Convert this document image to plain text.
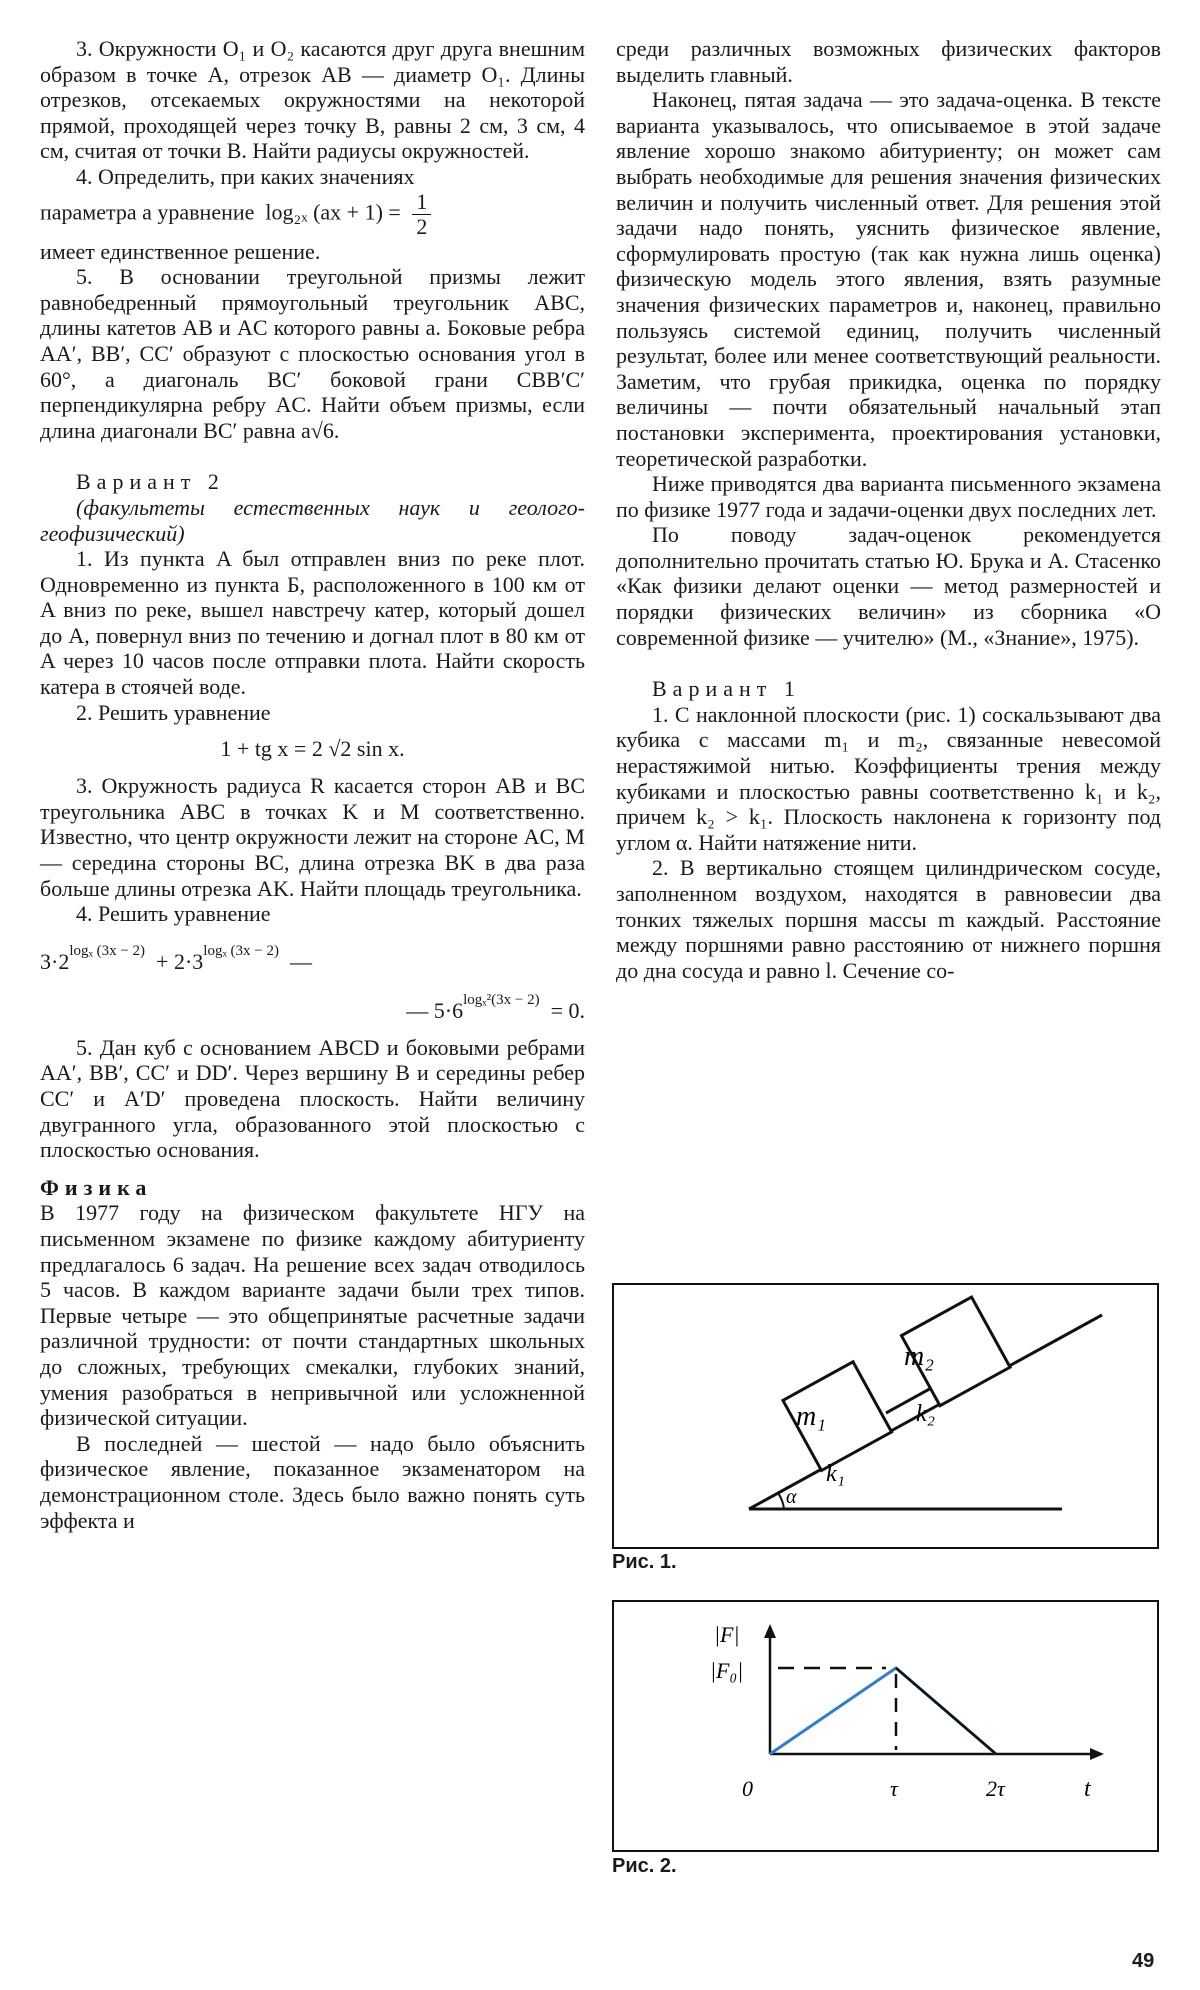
3. Окружности O₁ и O₂ касаются друг друга внешним образом в точке A, отрезок AB — диаметр O₁. Длины отрезков, отсекаемых окружностями на некоторой прямой, проходящей через точку B, равны 2 см, 3 см, 4 см, считая от точки B. Найти радиусы окружностей.

4. Определить, при каких значениях

параметра a уравнение log₂ₓ $(ax + 1) = \frac{1}{2}$

имеет единственное решение.

5. В основании треугольной призмы лежит равнобедренный прямоугольный треугольник ABC, длины катетов AB и AC которого равны a. Боковые ребра AA′, BB′, CC′ образуют с плоскостью основания угол в 60°, а диагональ BC′ боковой грани CBB′C′ перпендикулярна ребру AC. Найти объем призмы, если длина диагонали BC′ равна a√6.

Вариант 2

(факультеты естественных наук и геолого-геофизический)

1. Из пункта A был отправлен вниз по реке плот. Одновременно из пункта Б, расположенного в 100 км от A вниз по реке, вышел навстречу катер, который дошел до A, повернул вниз по течению и догнал плот в 80 км от A через 10 часов после отправки плота. Найти скорость катера в стоячей воде.

2. Решить уравнение

1 + tg x = 2 √2 sin x.

3. Окружность радиуса R касается сторон AB и BC треугольника ABC в точках K и M соответственно. Известно, что центр окружности лежит на стороне AC, M — середина стороны BC, длина отрезка BK в два раза больше длины отрезка AK. Найти площадь треугольника.

4. Решить уравнение

$3\cdot 2^{log_x (3x - 2)} + 2\cdot 3^{log_x (3x - 2)}$ —

— $5\cdot 6^{log_x^2(3x - 2)} = 0$.

5. Дан куб с основанием ABCD и боковыми ребрами AA′, BB′, CC′ и DD′. Через вершину B и середины ребер CC′ и A′D′ проведена плоскость. Найти величину двугранного угла, образованного этой плоскостью с плоскостью основания.

Физика

В 1977 году на физическом факультете НГУ на письменном экзамене по физике каждому абитуриенту предлагалось 6 задач. На решение всех задач отводилось 5 часов. В каждом варианте задачи были трех типов. Первые четыре — это общепринятые расчетные задачи различной трудности: от почти стандартных школьных до сложных, требующих смекалки, глубоких знаний, умения разобраться в непривычной или усложненной физической ситуации.

В последней — шестой — надо было объяснить физическое явление, показанное экзаменатором на демонстрационном столе. Здесь было важно понять суть эффекта и

среди различных возможных физических факторов выделить главный.

Наконец, пятая задача — это задача-оценка. В тексте варианта указывалось, что описываемое в этой задаче явление хорошо знакомо абитуриенту; он может сам выбрать необходимые для решения значения физических величин и получить численный ответ. Для решения этой задачи надо понять, уяснить физическое явление, сформулировать простую (так как нужна лишь оценка) физическую модель этого явления, взять разумные значения физических параметров и, наконец, правильно пользуясь системой единиц, получить численный результат, более или менее соответствующий реальности. Заметим, что грубая прикидка, оценка по порядку величины — почти обязательный начальный этап постановки эксперимента, проектирования установки, теоретической разработки.

Ниже приводятся два варианта письменного экзамена по физике 1977 года и задачи-оценки двух последних лет.

По поводу задач-оценок рекомендуется дополнительно прочитать статью Ю. Брука и А. Стасенко «Как физики делают оценки — метод размерностей и порядки физических величин» из сборника «О современной физике — учителю» (М., «Знание», 1975).

Вариант 1

1. С наклонной плоскости (рис. 1) соскальзывают два кубика с массами m₁ и m₂, связанные невесомой нерастяжимой нитью. Коэффициенты трения между кубиками и плоскостью равны соответственно k₁ и k₂, причем k₂ > k₁. Плоскость наклонена к горизонту под углом α. Найти натяжение нити.

2. В вертикально стоящем цилиндрическом сосуде, заполненном воздухом, находятся в равновесии два тонких тяжелых поршня массы m каждый. Расстояние между поршнями равно расстоянию от нижнего поршня до дна сосуда и равно l. Сечение со-

m₁
m₂
k₁
k₂
α

Рис. 1.

|F|
|F₀|
0	τ	2τ	t

Рис. 2.

49
